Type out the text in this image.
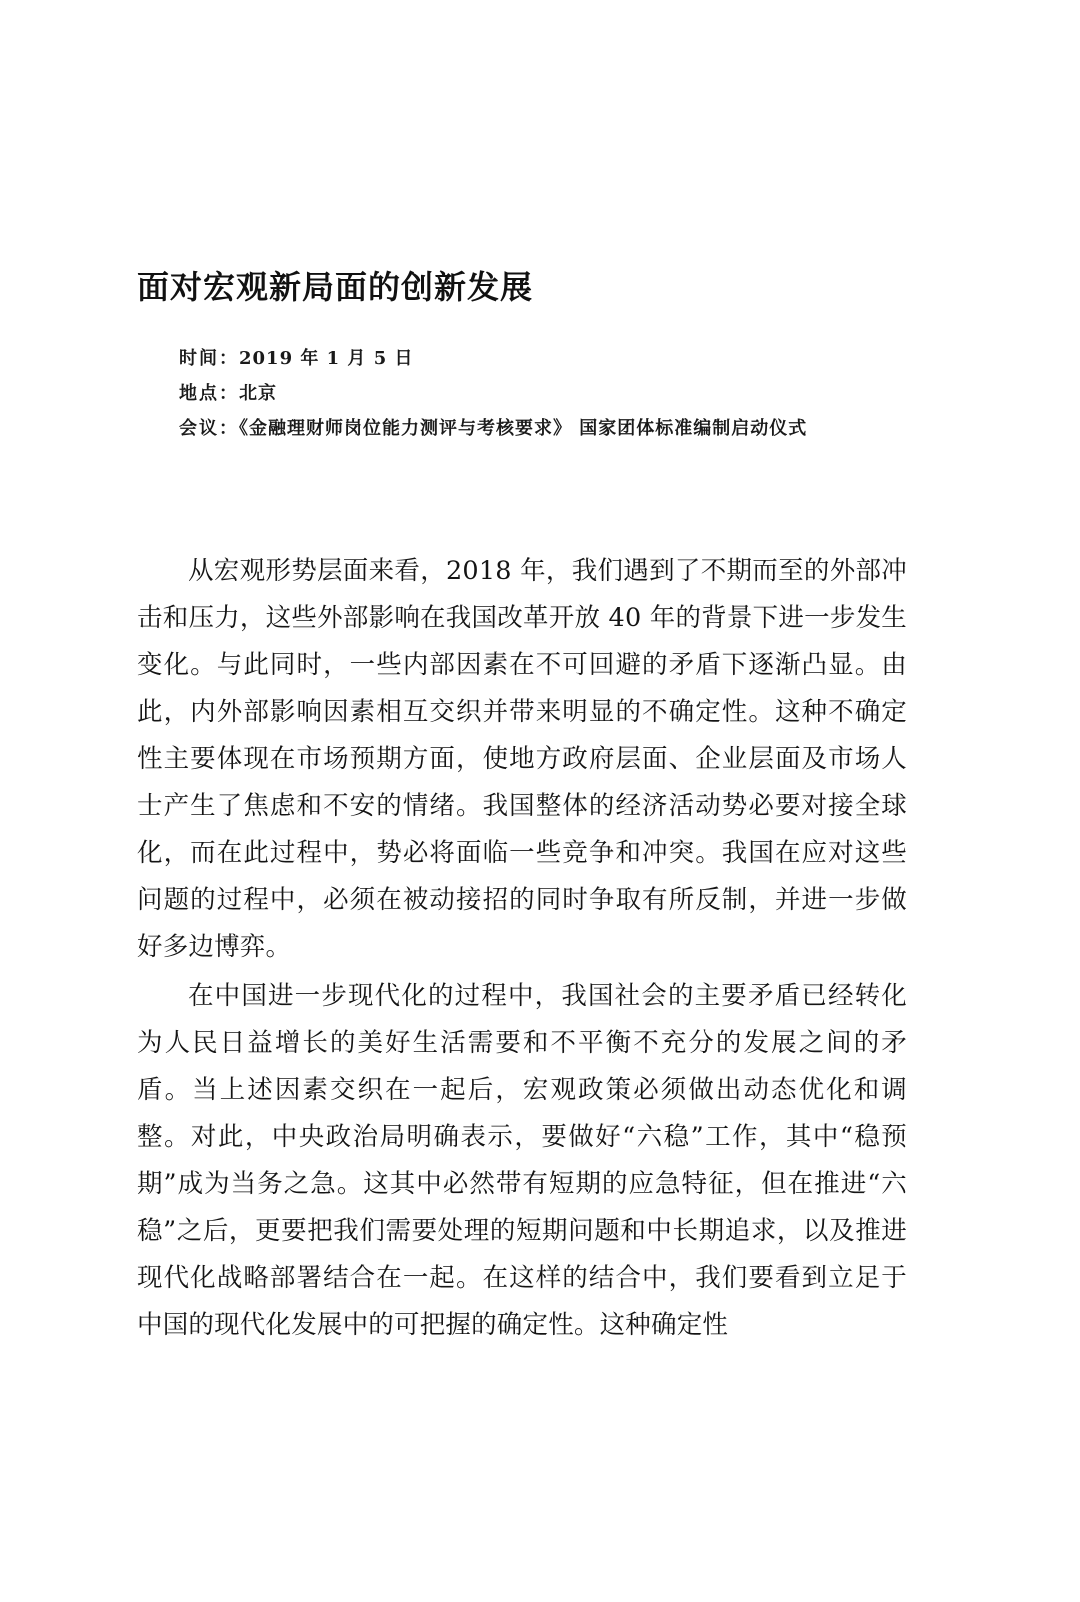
面对宏观新局面的创新发展
时间：2019 年 1 月 5 日
地点：北京
会议：《金融理财师岗位能力测评与考核要求》 国家团体标准编制启动仪式

从宏观形势层面来看，2018 年，我们遇到了不期而至的外部冲击和压力，这些外部影响在我国改革开放 40 年的背景下进一步发生变化。与此同时，一些内部因素在不可回避的矛盾下逐渐凸显。由此，内外部影响因素相互交织并带来明显的不确定性。这种不确定性主要体现在市场预期方面，使地方政府层面、企业层面及市场人士产生了焦虑和不安的情绪。我国整体的经济活动势必要对接全球化，而在此过程中，势必将面临一些竞争和冲突。我国在应对这些问题的过程中，必须在被动接招的同时争取有所反制，并进一步做好多边博弈。

在中国进一步现代化的过程中，我国社会的主要矛盾已经转化为人民日益增长的美好生活需要和不平衡不充分的发展之间的矛盾。当上述因素交织在一起后，宏观政策必须做出动态优化和调整。对此，中央政治局明确表示，要做好“六稳”工作，其中“稳预期”成为当务之急。这其中必然带有短期的应急特征，但在推进“六稳”之后，更要把我们需要处理的短期问题和中长期追求，以及推进现代化战略部署结合在一起。在这样的结合中，我们要看到立足于中国的现代化发展中的可把握的确定性。这种确定性
